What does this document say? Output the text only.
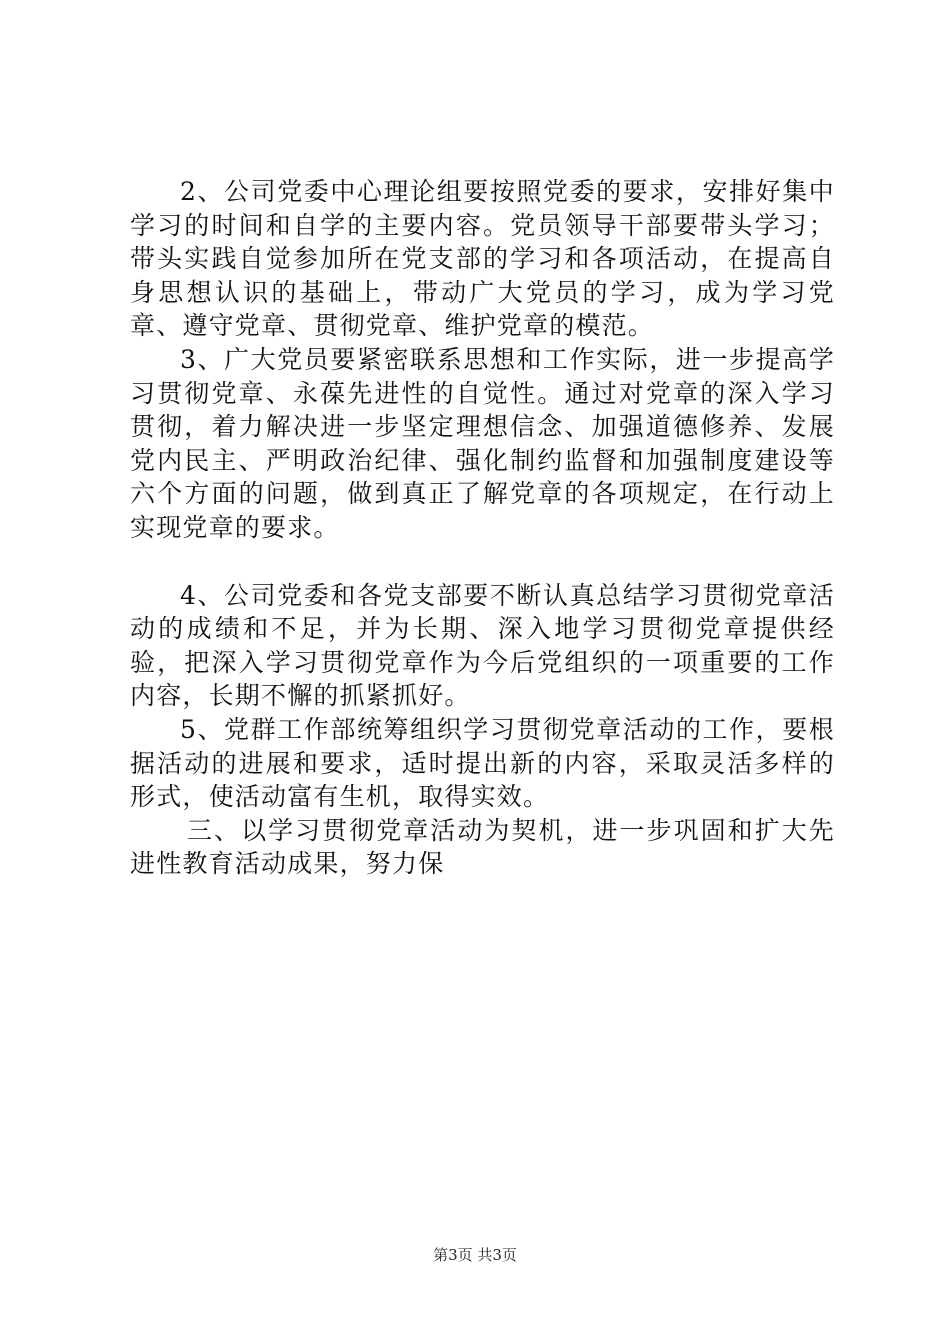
2、公司党委中心理论组要按照党委的要求，安排好集中学习的时间和自学的主要内容。党员领导干部要带头学习；带头实践自觉参加所在党支部的学习和各项活动，在提高自身思想认识的基础上，带动广大党员的学习，成为学习党章、遵守党章、贯彻党章、维护党章的模范。

3、广大党员要紧密联系思想和工作实际，进一步提高学习贯彻党章、永葆先进性的自觉性。通过对党章的深入学习贯彻，着力解决进一步坚定理想信念、加强道德修养、发展党内民主、严明政治纪律、强化制约监督和加强制度建设等六个方面的问题，做到真正了解党章的各项规定，在行动上实现党章的要求。

4、公司党委和各党支部要不断认真总结学习贯彻党章活动的成绩和不足，并为长期、深入地学习贯彻党章提供经验，把深入学习贯彻党章作为今后党组织的一项重要的工作内容，长期不懈的抓紧抓好。

5、党群工作部统筹组织学习贯彻党章活动的工作，要根据活动的进展和要求，适时提出新的内容，采取灵活多样的形式，使活动富有生机，取得实效。

三、以学习贯彻党章活动为契机，进一步巩固和扩大先进性教育活动成果，努力保

第3页 共3页
